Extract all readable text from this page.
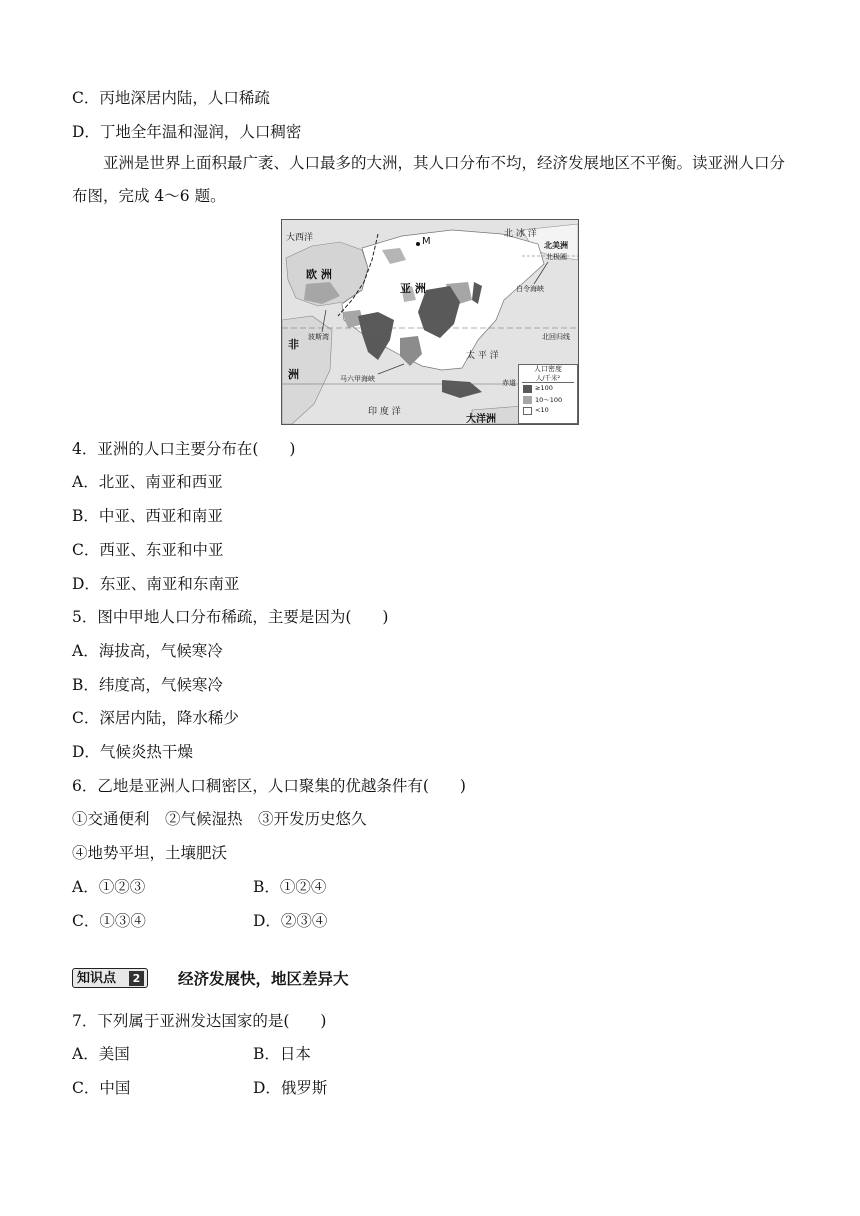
C．丙地深居内陆，人口稀疏
D．丁地全年温和湿润，人口稠密
亚洲是世界上面积最广袤、人口最多的大洲，其人口分布不均，经济发展地区不平衡。读亚洲人口分布图，完成 4～6 题。
大西洋	北 冰 洋
M
欧 洲
亚 洲
北美洲
北极圈
白令海峡
北回归线
非
洲
波斯湾
太 平 洋
马六甲海峡	赤道
印 度 洋
大洋洲
人口密度
人/千米²
≥100
10～100
<10
4．亚洲的人口主要分布在(　　)
A．北亚、南亚和西亚
B．中亚、西亚和南亚
C．西亚、东亚和中亚
D．东亚、南亚和东南亚
5．图中甲地人口分布稀疏，主要是因为(　　)
A．海拔高，气候寒冷
B．纬度高，气候寒冷
C．深居内陆，降水稀少
D．气候炎热干燥
6．乙地是亚洲人口稠密区，人口聚集的优越条件有(　　)
①交通便利　②气候湿热　③开发历史悠久
④地势平坦，土壤肥沃
A．①②③	B．①②④
C．①③④	D．②③④
知识点	2 经济发展快，地区差异大
7．下列属于亚洲发达国家的是(　　)
A．美国	B．日本
C．中国	D．俄罗斯
